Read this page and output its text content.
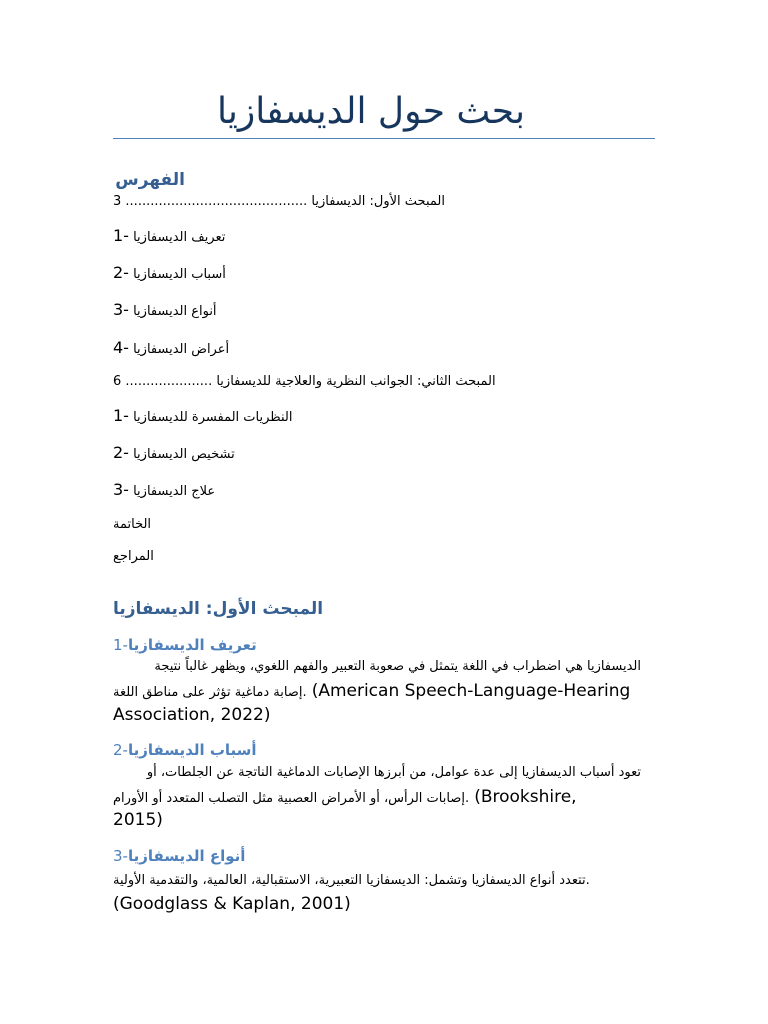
بحث حول الديسفازيا
الفهرس
3 ............................................ المبحث الأول: الديسفازيا
1- تعريف الديسفازيا
2- أسباب الديسفازيا
3- أنواع الديسفازيا
4- أعراض الديسفازيا
6 ..................... المبحث الثاني: الجوانب النظرية والعلاجية للديسفازيا
1- النظريات المفسرة للديسفازيا
2- تشخيص الديسفازيا
3- علاج الديسفازيا
الخاتمة
المراجع
المبحث الأول: الديسفازيا
1-تعريف الديسفازيا
الديسفازيا هي اضطراب في اللغة يتمثل في صعوبة التعبير والفهم اللغوي، ويظهر غالباً نتيجة
إصابة دماغية تؤثر على مناطق اللغة. (American Speech-Language-Hearing
Association, 2022)
2-أسباب الديسفازيا
تعود أسباب الديسفازيا إلى عدة عوامل، من أبرزها الإصابات الدماغية الناتجة عن الجلطات، أو
إصابات الرأس، أو الأمراض العصبية مثل التصلب المتعدد أو الأورام. (Brookshire,
2015)
3-أنواع الديسفازيا
تتعدد أنواع الديسفازيا وتشمل: الديسفازيا التعبيرية، الاستقبالية، العالمية، والتقدمية الأولية.
(Goodglass & Kaplan, 2001)
